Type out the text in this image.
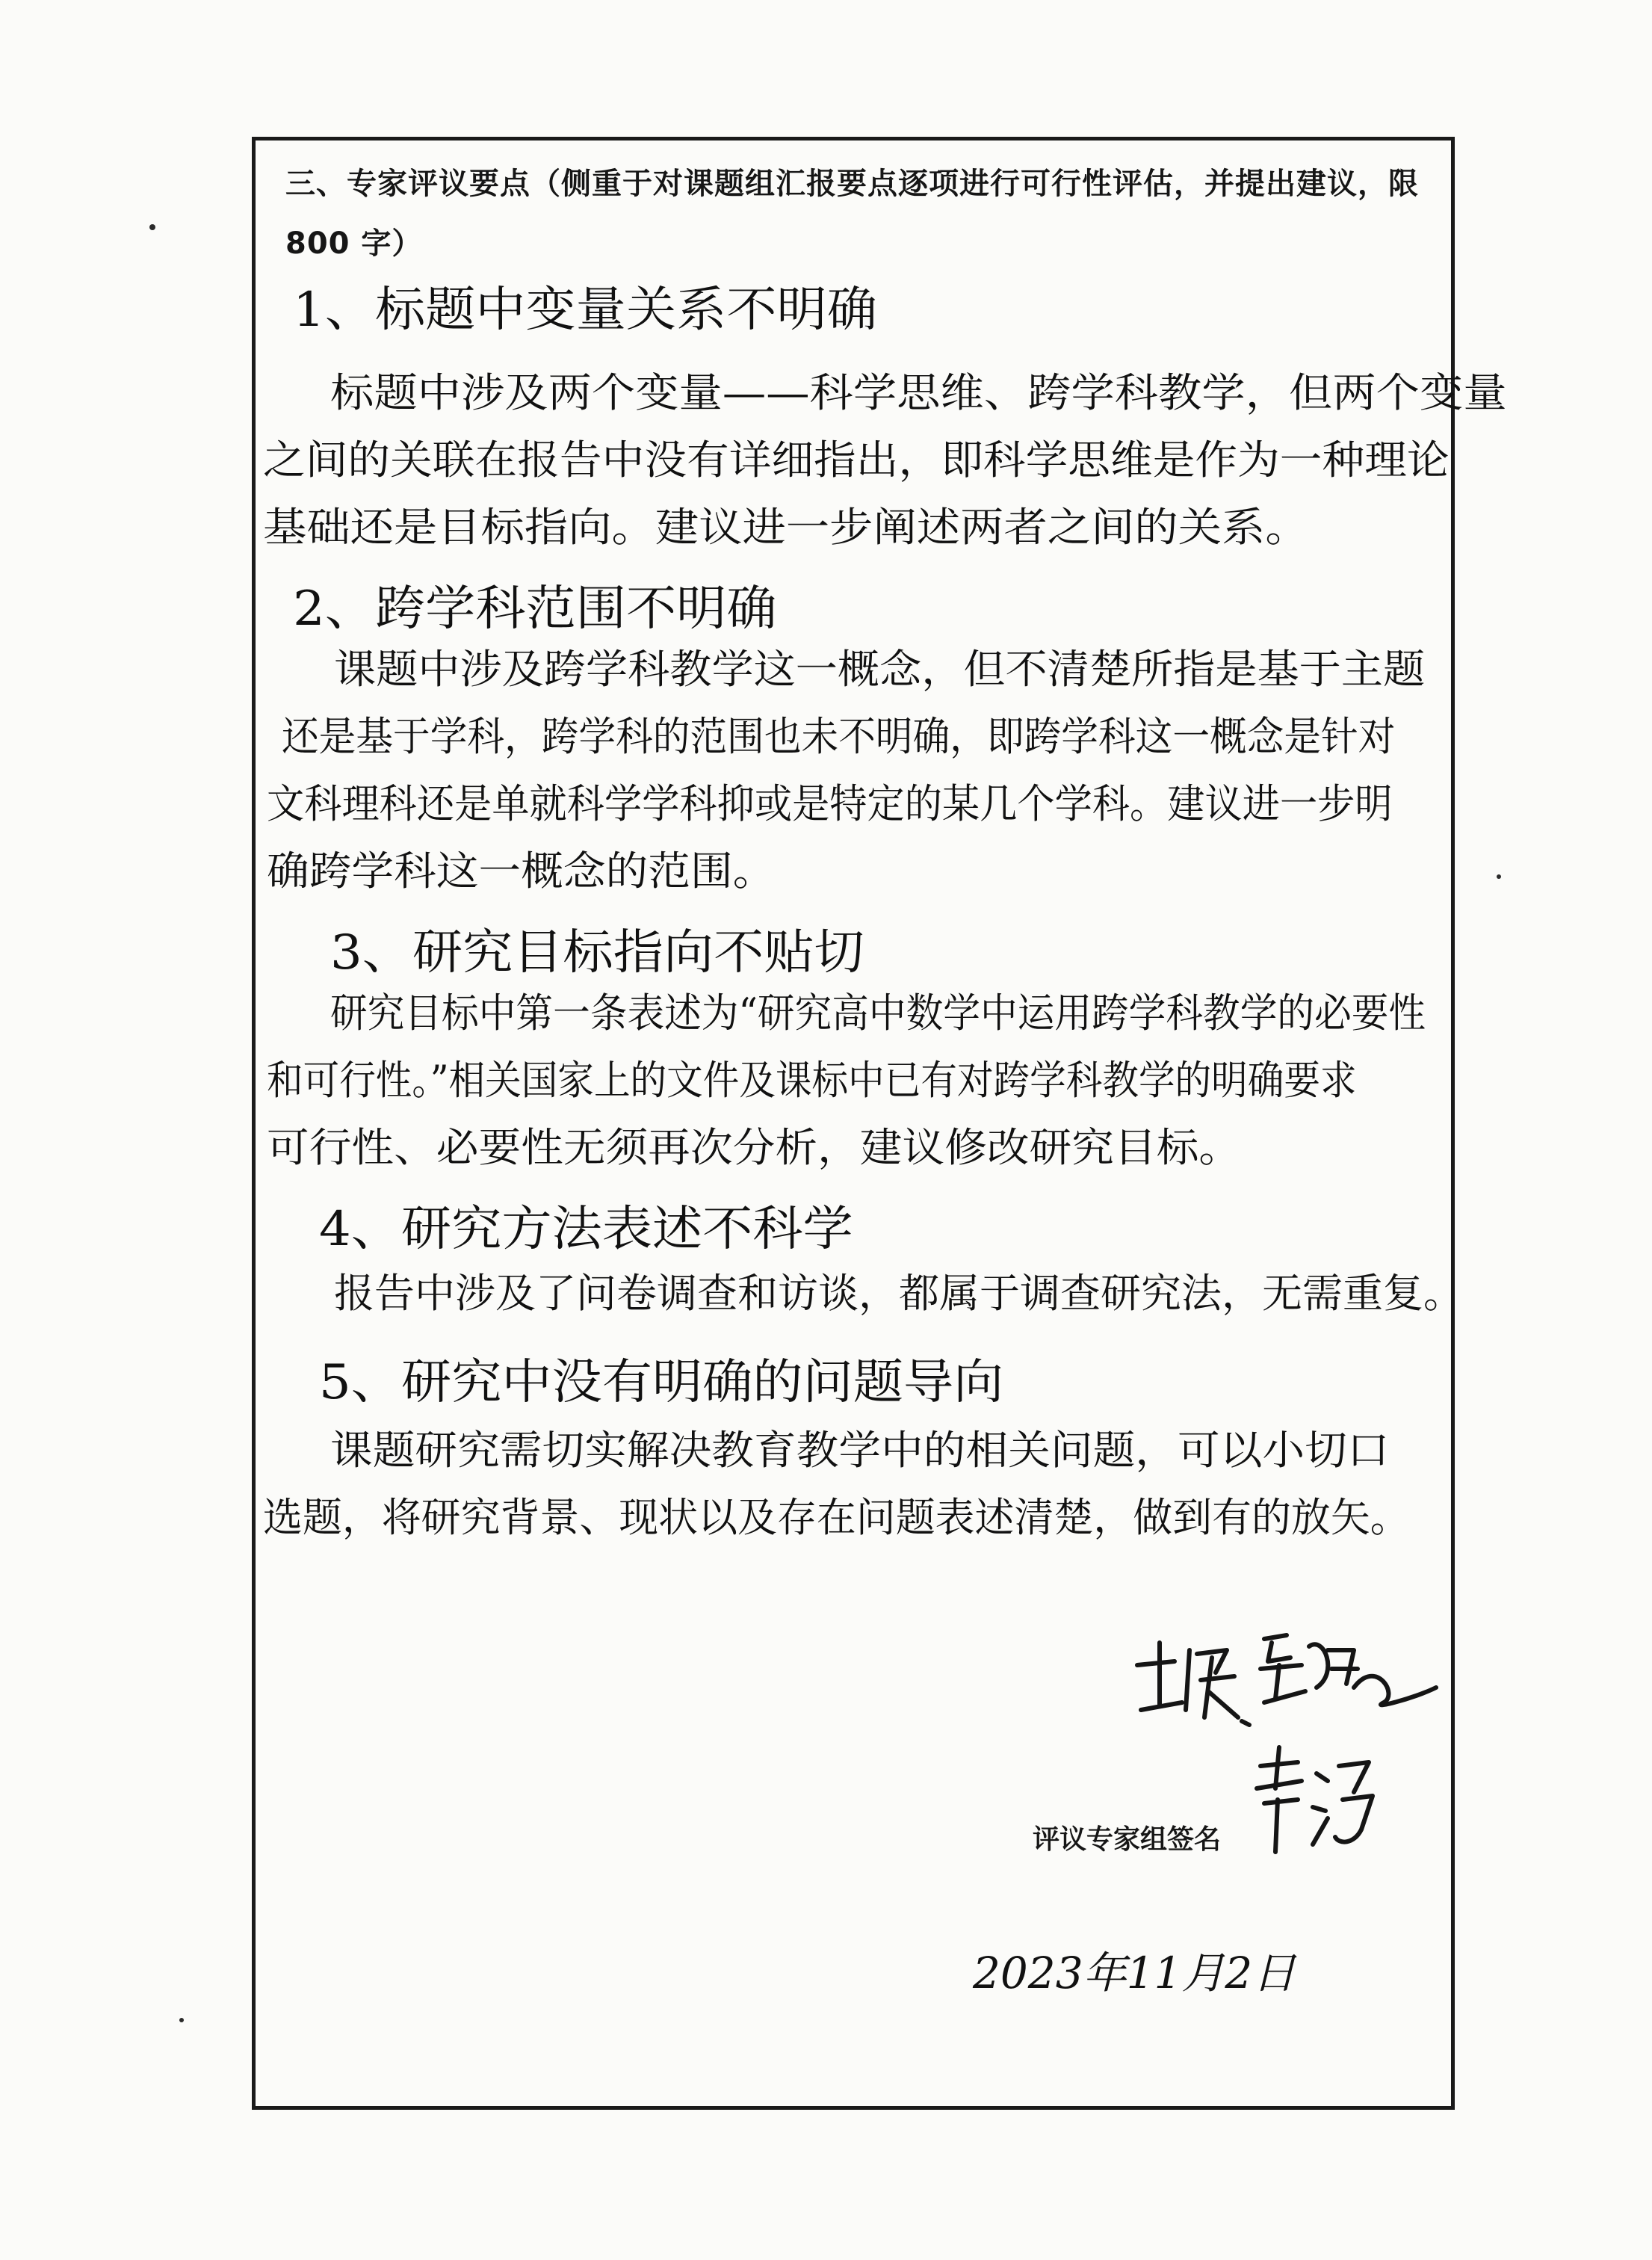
三、专家评议要点（侧重于对课题组汇报要点逐项进行可行性评估，并提出建议，限 800 字）
1、标题中变量关系不明确
标题中涉及两个变量——科学思维、跨学科教学，但两个变量
之间的关联在报告中没有详细指出，即科学思维是作为一种理论
基础还是目标指向。建议进一步阐述两者之间的关系。
2、跨学科范围不明确
课题中涉及跨学科教学这一概念，但不清楚所指是基于主题
还是基于学科，跨学科的范围也未不明确，即跨学科这一概念是针对
文科理科还是单就科学学科抑或是特定的某几个学科。建议进一步明
确跨学科这一概念的范围。
3、研究目标指向不贴切
研究目标中第一条表述为“研究高中数学中运用跨学科教学的必要性
和可行性。”相关国家上的文件及课标中已有对跨学科教学的明确要求
可行性、必要性无须再次分析，建议修改研究目标。
4、研究方法表述不科学
报告中涉及了问卷调查和访谈，都属于调查研究法，无需重复。
5、研究中没有明确的问题导向
课题研究需切实解决教育教学中的相关问题，可以小切口
选题，将研究背景、现状以及存在问题表述清楚，做到有的放矢。
评议专家组签名
2023年11月2日
